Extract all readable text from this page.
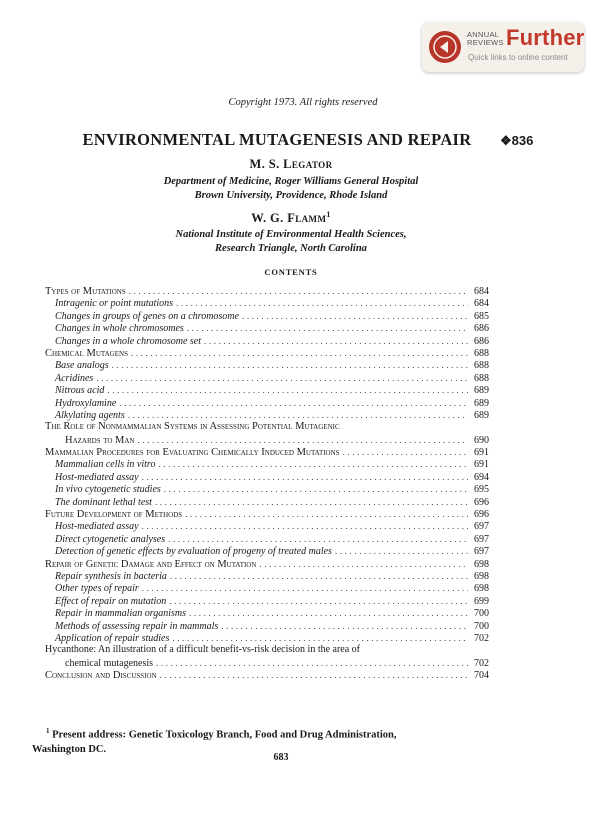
ANNUAL
REVIEWS Further
Quick links to online content
Copyright 1973. All rights reserved
ENVIRONMENTAL MUTAGENESIS AND REPAIR	❖836
M. S. Legator
Department of Medicine, Roger Williams General Hospital
Brown University, Providence, Rhode Island
W. G. Flamm$^1$
National Institute of Environmental Health Sciences,
Research Triangle, North Carolina
CONTENTS
Types of Mutations .....	684
Intragenic or point mutations .....	684
Changes in groups of genes on a chromosome .....	685
Changes in whole chromosomes .....	686
Changes in a whole chromosome set .....	686
Chemical Mutagens .....	688
Base analogs .....	688
Acridines .....	688
Nitrous acid .....	689
Hydroxylamine .....	689
Alkylating agents .....	689
The Role of Nonmammalian Systems in Assessing Potential Mutagenic
Hazards to Man .....	690
Mammalian Procedures for Evaluating Chemically Induced Mutations .....	691
Mammalian cells in vitro .....	691
Host-mediated assay .....	694
In vivo cytogenetic studies .....	695
The dominant lethal test .....	696
Future Development of Methods .....	696
Host-mediated assay .....	697
Direct cytogenetic analyses .....	697
Detection of genetic effects by evaluation of progeny of treated males .....	697
Repair of Genetic Damage and Effect on Mutation .....	698
Repair synthesis in bacteria .....	698
Other types of repair .....	698
Effect of repair on mutation .....	699
Repair in mammalian organisms .....	700
Methods of assessing repair in mammals .....	700
Application of repair studies .....	702
Hycanthone: An illustration of a difficult benefit-vs-risk decision in the area of
chemical mutagenesis .....	702
Conclusion and Discussion .....	704
$^1$ Present address: Genetic Toxicology Branch, Food and Drug Administration,
Washington DC.
683
